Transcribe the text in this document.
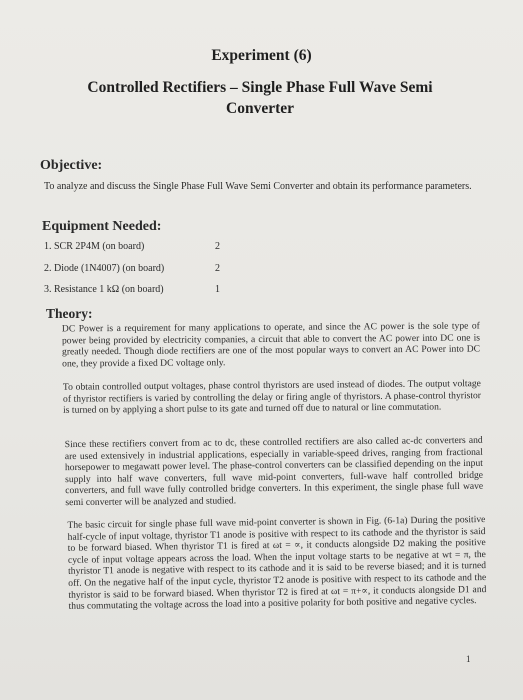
Experiment (6)
Controlled Rectifiers – Single Phase Full Wave Semi Converter
Objective:
To analyze and discuss the Single Phase Full Wave Semi Converter and obtain its performance parameters.
Equipment Needed:
1. SCR 2P4M (on board)	2
2. Diode (1N4007) (on board)	2
3. Resistance 1 kΩ (on board)	1
Theory:
DC Power is a requirement for many applications to operate, and since the AC power is the sole type of power being provided by electricity companies, a circuit that able to convert the AC power into DC one is greatly needed. Though diode rectifiers are one of the most popular ways to convert an AC Power into DC one, they provide a fixed DC voltage only.
To obtain controlled output voltages, phase control thyristors are used instead of diodes. The output voltage of thyristor rectifiers is varied by controlling the delay or firing angle of thyristors. A phase-control thyristor is turned on by applying a short pulse to its gate and turned off due to natural or line commutation.
Since these rectifiers convert from ac to dc, these controlled rectifiers are also called ac-dc converters and are used extensively in industrial applications, especially in variable-speed drives, ranging from fractional horsepower to megawatt power level. The phase-control converters can be classified depending on the input supply into half wave converters, full wave mid-point converters, full-wave half controlled bridge converters, and full wave fully controlled bridge converters. In this experiment, the single phase full wave semi converter will be analyzed and studied.
The basic circuit for single phase full wave mid-point converter is shown in Fig. (6-1a) During the positive half-cycle of input voltage, thyristor T1 anode is positive with respect to its cathode and the thyristor is said to be forward biased. When thyristor T1 is fired at ωt = ∝, it conducts alongside D2 making the positive cycle of input voltage appears across the load. When the input voltage starts to be negative at wt = π, the thyristor T1 anode is negative with respect to its cathode and it is said to be reverse biased; and it is turned off. On the negative half of the input cycle, thyristor T2 anode is positive with respect to its cathode and the thyristor is said to be forward biased. When thyristor T2 is fired at ωt = π+∝, it conducts alongside D1 and thus commutating the voltage across the load into a positive polarity for both positive and negative cycles.
1
